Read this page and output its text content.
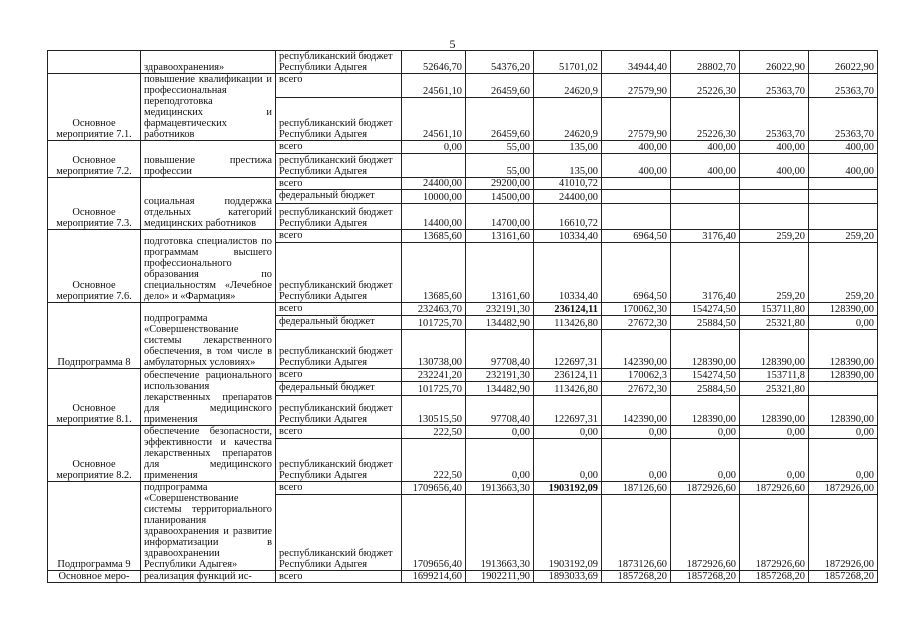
5
	здравоохранения»	республиканский бюджет Республики Адыгея	52646,70	54376,20	51701,02	34944,40	28802,70	26022,90	26022,90
Основное мероприятие 7.1.	повышение квалификации и профессиональная переподготовка медицинских и фармацевтических работников	всего	24561,10	26459,60	24620,9	27579,90	25226,30	25363,70	25363,70
		республиканский бюджет Республики Адыгея	24561,10	26459,60	24620,9	27579,90	25226,30	25363,70	25363,70
Основное мероприятие 7.2.	повышение престижа профессии	всего	0,00	55,00	135,00	400,00	400,00	400,00	400,00
		республиканский бюджет Республики Адыгея		55,00	135,00	400,00	400,00	400,00	400,00
Основное мероприятие 7.3.	социальная поддержка отдельных категорий медицинских работников	всего	24400,00	29200,00	41010,72				
		федеральный бюджет	10000,00	14500,00	24400,00				
		республиканский бюджет Республики Адыгея	14400,00	14700,00	16610,72				
Основное мероприятие 7.6.	подготовка специалистов по программам высшего профессионального образования по специальностям «Лечебное дело» и «Фармация»	всего	13685,60	13161,60	10334,40	6964,50	3176,40	259,20	259,20
		республиканский бюджет Республики Адыгея	13685,60	13161,60	10334,40	6964,50	3176,40	259,20	259,20
Подпрограмма 8	подпрограмма «Совершенствование системы лекарственного обеспечения, в том числе в амбулаторных условиях»	всего	232463,70	232191,30	236124,11	170062,30	154274,50	153711,80	128390,00
		федеральный бюджет	101725,70	134482,90	113426,80	27672,30	25884,50	25321,80	0,00
		республиканский бюджет Республики Адыгея	130738,00	97708,40	122697,31	142390,00	128390,00	128390,00	128390,00
Основное мероприятие 8.1.	обеспечение рационального использования лекарственных препаратов для медицинского применения	всего	232241,20	232191,30	236124,11	170062,3	154274,50	153711,8	128390,00
		федеральный бюджет	101725,70	134482,90	113426,80	27672,30	25884,50	25321,80	
		республиканский бюджет Республики Адыгея	130515,50	97708,40	122697,31	142390,00	128390,00	128390,00	128390,00
Основное мероприятие 8.2.	обеспечение безопасности, эффективности и качества лекарственных препаратов для медицинского применения	всего	222,50	0,00	0,00	0,00	0,00	0,00	0,00
		республиканский бюджет Республики Адыгея	222,50	0,00	0,00	0,00	0,00	0,00	0,00
Подпрограмма 9	подпрограмма «Совершенствование системы территориального планирования здравоохранения и развитие информатизации в здравоохранении Республики Адыгея»	всего	1709656,40	1913663,30	1903192,09	187126,60	1872926,60	1872926,60	1872926,00
		республиканский бюджет Республики Адыгея	1709656,40	1913663,30	1903192,09	1873126,60	1872926,60	1872926,60	1872926,00
Основное меро-	реализация функций ис-	всего	1699214,60	1902211,90	1893033,69	1857268,20	1857268,20	1857268,20	1857268,20
